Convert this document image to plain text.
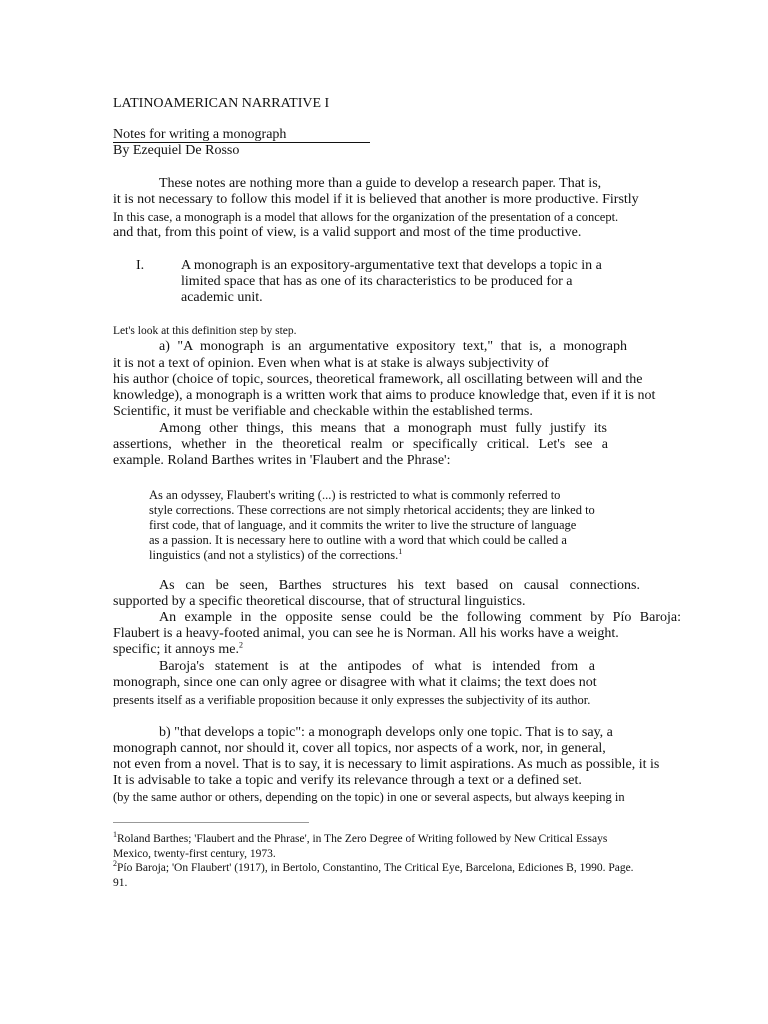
LATINOAMERICAN NARRATIVE I
Notes for writing a monograph
By Ezequiel De Rosso
These notes are nothing more than a guide to develop a research paper. That is,
it is not necessary to follow this model if it is believed that another is more productive. Firstly
In this case, a monograph is a model that allows for the organization of the presentation of a concept.
and that, from this point of view, is a valid support and most of the time productive.
I.	A monograph is an expository-argumentative text that develops a topic in a
limited space that has as one of its characteristics to be produced for a
academic unit.
Let's look at this definition step by step.
a) "A monograph is an argumentative expository text," that is, a monograph
it is not a text of opinion. Even when what is at stake is always subjectivity of
his author (choice of topic, sources, theoretical framework, all oscillating between will and the
knowledge), a monograph is a written work that aims to produce knowledge that, even if it is not
Scientific, it must be verifiable and checkable within the established terms.
Among other things, this means that a monograph must fully justify its
assertions, whether in the theoretical realm or specifically critical. Let's see a
example. Roland Barthes writes in 'Flaubert and the Phrase':
As an odyssey, Flaubert's writing (...) is restricted to what is commonly referred to
style corrections. These corrections are not simply rhetorical accidents; they are linked to
first code, that of language, and it commits the writer to live the structure of language
as a passion. It is necessary here to outline with a word that which could be called a
linguistics (and not a stylistics) of the corrections.$^1$
As can be seen, Barthes structures his text based on causal connections.
supported by a specific theoretical discourse, that of structural linguistics.
An example in the opposite sense could be the following comment by Pío Baroja:
Flaubert is a heavy-footed animal, you can see he is Norman. All his works have a weight.
specific; it annoys me.$^2$
Baroja's statement is at the antipodes of what is intended from a
monograph, since one can only agree or disagree with what it claims; the text does not
presents itself as a verifiable proposition because it only expresses the subjectivity of its author.
b) "that develops a topic": a monograph develops only one topic. That is to say, a
monograph cannot, nor should it, cover all topics, nor aspects of a work, nor, in general,
not even from a novel. That is to say, it is necessary to limit aspirations. As much as possible, it is
It is advisable to take a topic and verify its relevance through a text or a defined set.
(by the same author or others, depending on the topic) in one or several aspects, but always keeping in
$^1$Roland Barthes; 'Flaubert and the Phrase', in The Zero Degree of Writing followed by New Critical Essays
Mexico, twenty-first century, 1973.
$^2$Pío Baroja; 'On Flaubert' (1917), in Bertolo, Constantino, The Critical Eye, Barcelona, Ediciones B, 1990. Page.
91.
